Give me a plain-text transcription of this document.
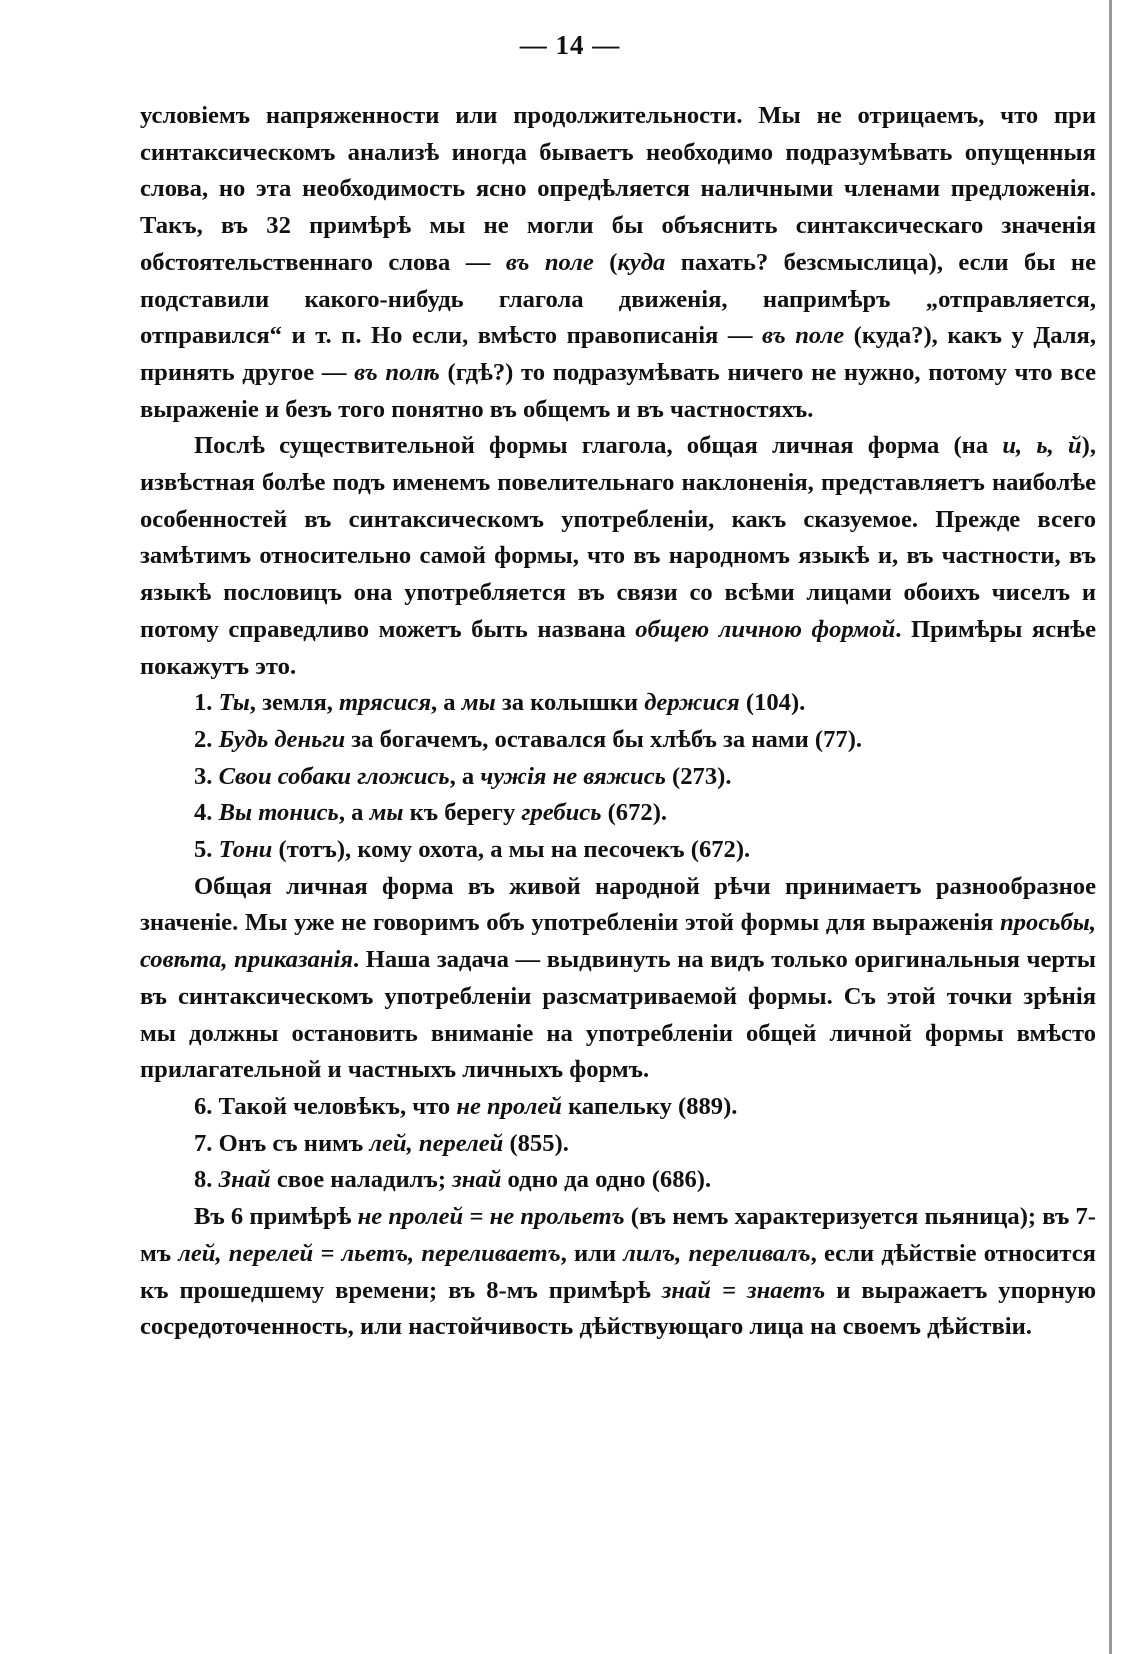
— 14 —

условіемъ напряженности или продолжительности. Мы не отрицаемъ, что при синтаксическомъ анализѣ иногда бываетъ необходимо подразумѣвать опущенныя слова, но эта необходимость ясно опредѣляется наличными членами предложенія. Такъ, въ 32 примѣрѣ мы не могли бы объяснить синтаксическаго значенія обстоятельственнаго слова — въ поле (куда пахать? безсмыслица), если бы не подставили какого-нибудь глагола движенія, напримѣръ „отправляется, отправился“ и т. п. Но если, вмѣсто правописанія — въ поле (куда?), какъ у Даля, принять другое — въ полѣ (гдѣ?) то подразумѣвать ничего не нужно, потому что все выраженіе и безъ того понятно въ общемъ и въ частностяхъ.

Послѣ существительной формы глагола, общая личная форма (на и, ь, й), извѣстная болѣе подъ именемъ повелительнаго наклоненія, представляетъ наиболѣе особенностей въ синтаксическомъ употребленіи, какъ сказуемое. Прежде всего замѣтимъ относительно самой формы, что въ народномъ языкѣ и, въ частности, въ языкѣ пословицъ она употребляется въ связи со всѣми лицами обоихъ чиселъ и потому справедливо можетъ быть названа общею личною формой. Примѣры яснѣе покажутъ это.

1. Ты, земля, трясися, а мы за колышки держися (104).

2. Будь деньги за богачемъ, оставался бы хлѣбъ за нами (77).

3. Свои собаки гложись, а чужія не вяжись (273).

4. Вы тонись, а мы къ берегу гребись (672).

5. Тони (тотъ), кому охота, а мы на песочекъ (672).

Общая личная форма въ живой народной рѣчи принимаетъ разнообразное значеніе. Мы уже не говоримъ объ употребленіи этой формы для выраженія просьбы, совѣта, приказанія. Наша задача — выдвинуть на видъ только оригинальныя черты въ синтаксическомъ употребленіи разсматриваемой формы. Съ этой точки зрѣнія мы должны остановить вниманіе на употребленіи общей личной формы вмѣсто прилагательной и частныхъ личныхъ формъ.

6. Такой человѣкъ, что не пролей капельку (889).

7. Онъ съ нимъ лей, перелей (855).

8. Знай свое наладилъ; знай одно да одно (686).

Въ 6 примѣрѣ не пролей = не прольетъ (въ немъ характеризуется пьяница); въ 7-мъ лей, перелей = льетъ, переливаетъ, или лилъ, переливалъ, если дѣйствіе относится къ прошедшему времени; въ 8-мъ примѣрѣ знай = знаетъ и выражаетъ упорную сосредоточенность, или настойчивость дѣйствующаго лица на своемъ дѣйствіи.
